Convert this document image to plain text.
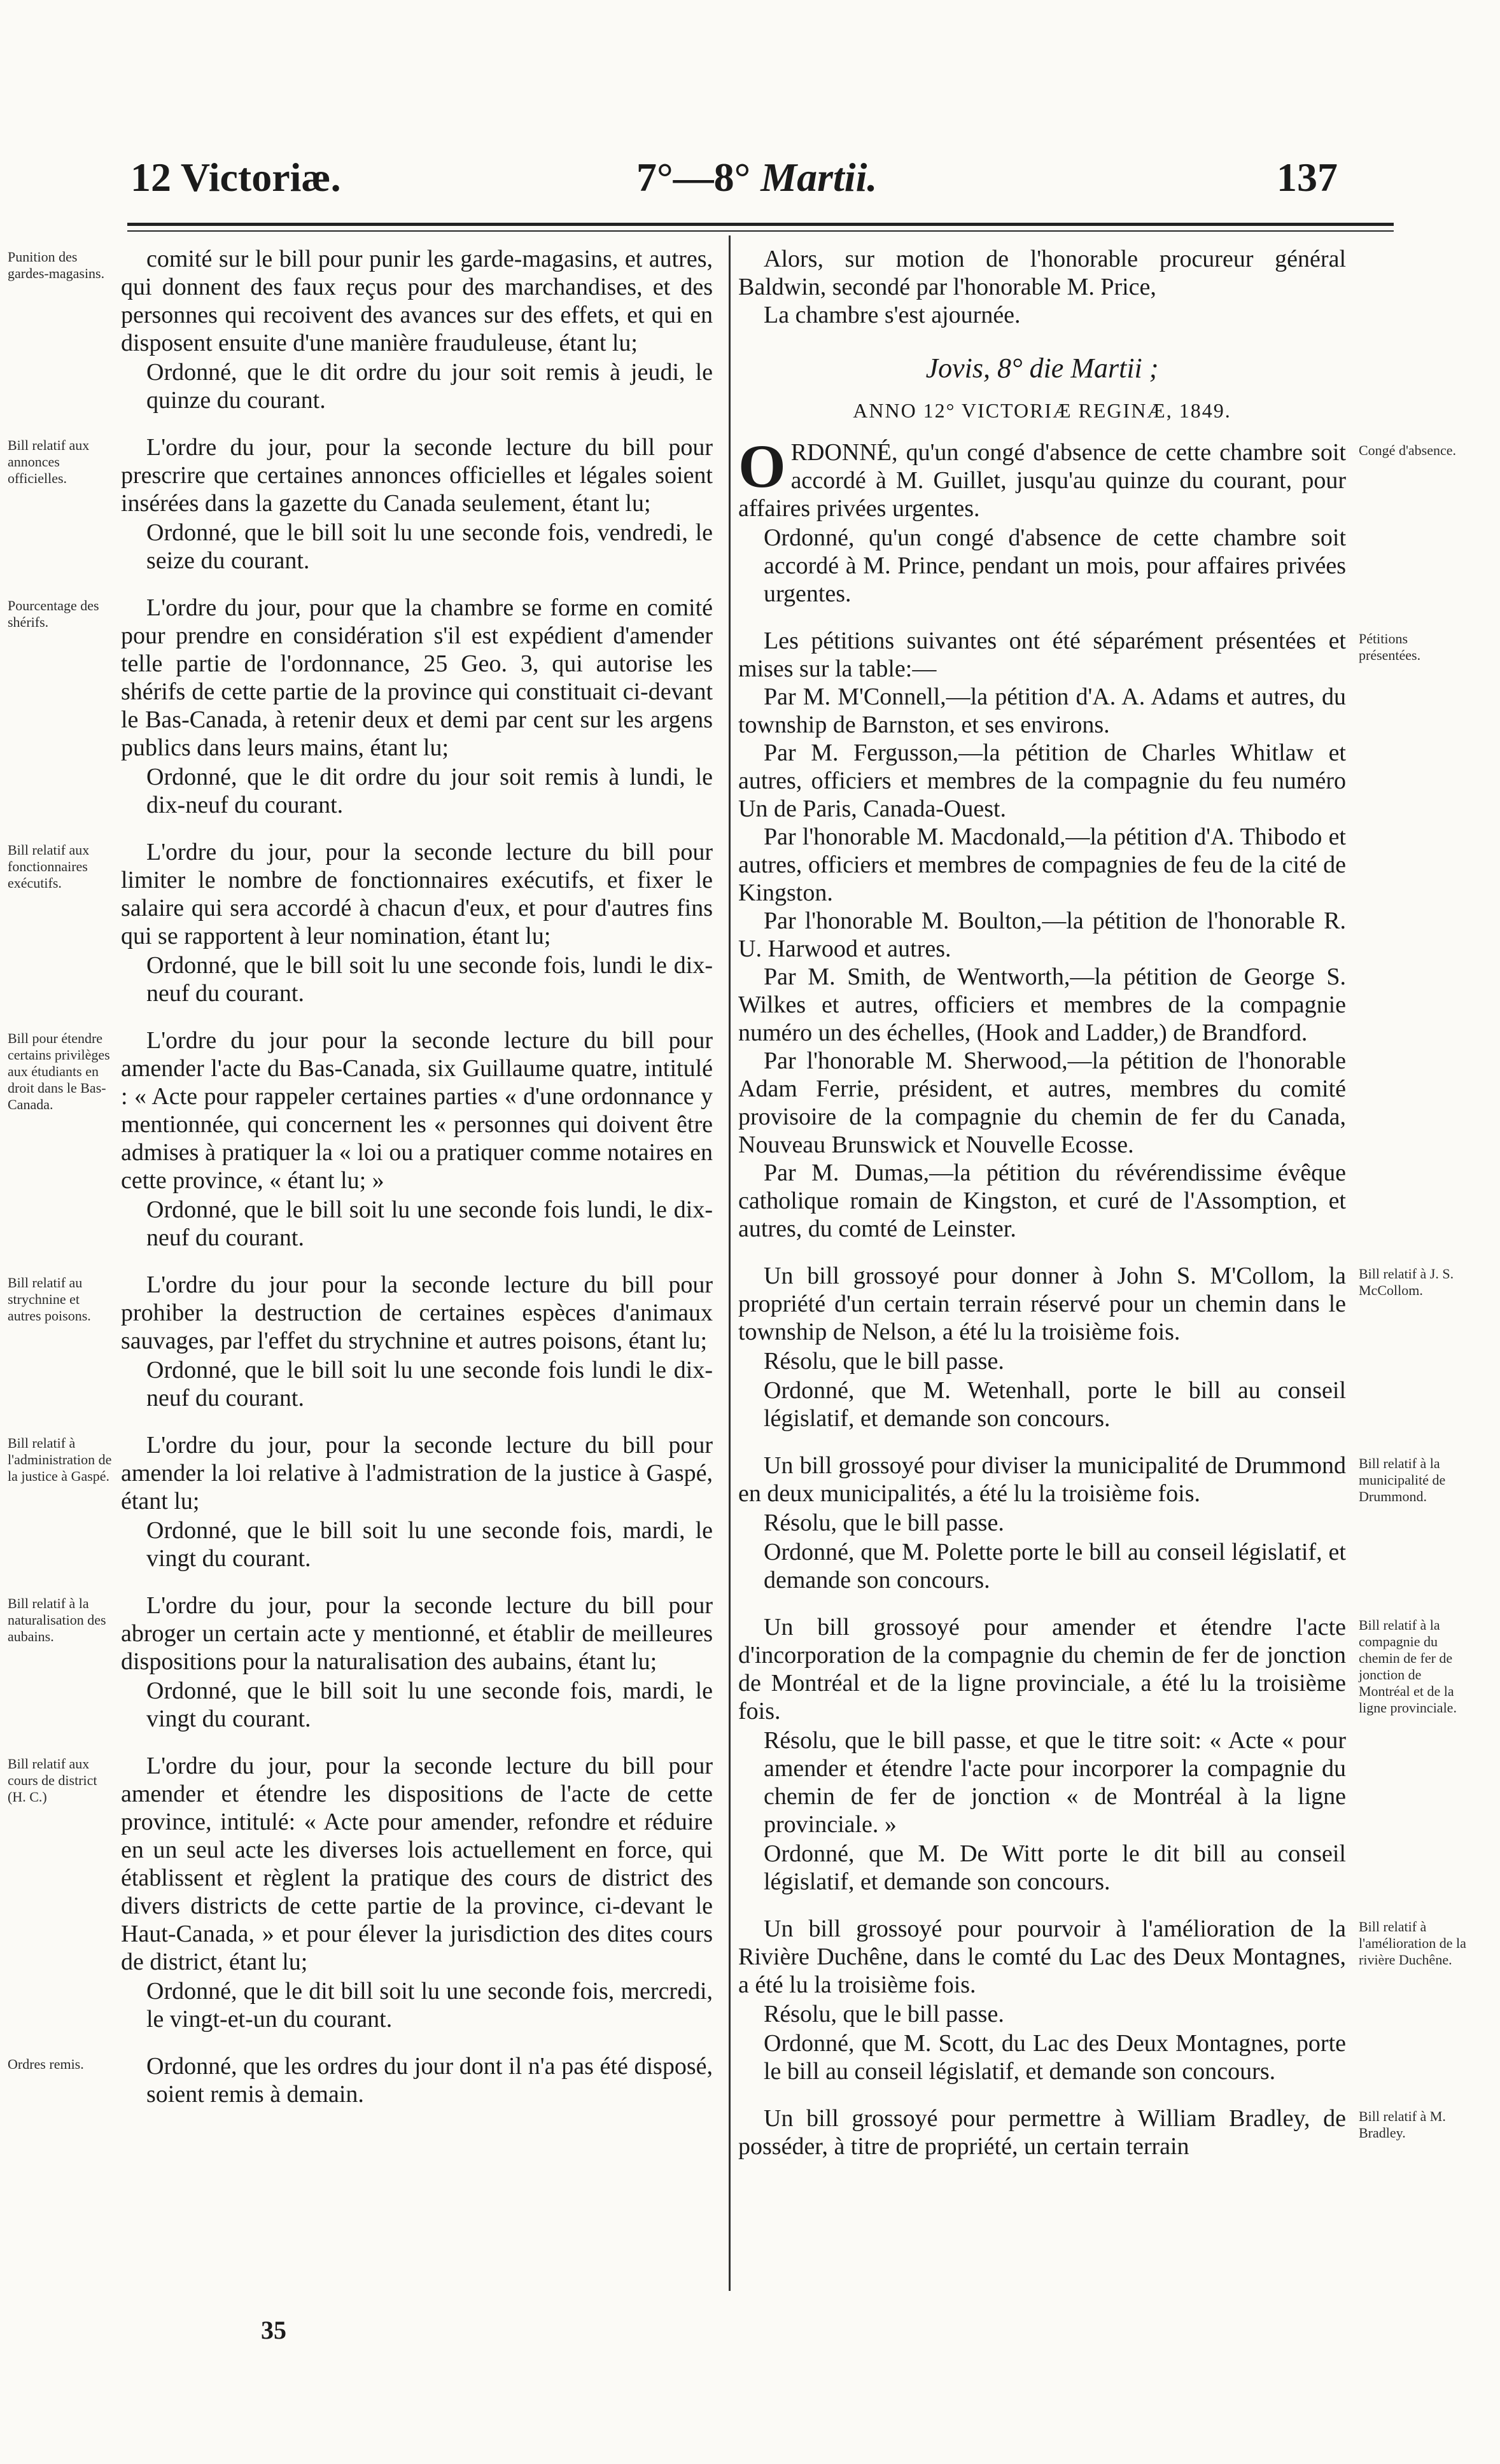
12 Victoriæ.	7°—8° Martii.	137
Punition des gardes-magasins.

comité sur le bill pour punir les garde-magasins, et autres, qui donnent des faux reçus pour des marchandises, et des personnes qui recoivent des avances sur des effets, et qui en disposent ensuite d'une manière frauduleuse, étant lu;

Ordonné, que le dit ordre du jour soit remis à jeudi, le quinze du courant.

Bill relatif aux annonces officielles.

L'ordre du jour, pour la seconde lecture du bill pour prescrire que certaines annonces officielles et légales soient insérées dans la gazette du Canada seulement, étant lu;

Ordonné, que le bill soit lu une seconde fois, vendredi, le seize du courant.

Pourcentage des shérifs.

L'ordre du jour, pour que la chambre se forme en comité pour prendre en considération s'il est expédient d'amender telle partie de l'ordonnance, 25 Geo. 3, qui autorise les shérifs de cette partie de la province qui constituait ci-devant le Bas-Canada, à retenir deux et demi par cent sur les argens publics dans leurs mains, étant lu;

Ordonné, que le dit ordre du jour soit remis à lundi, le dix-neuf du courant.

Bill relatif aux fonctionnaires exécutifs.

L'ordre du jour, pour la seconde lecture du bill pour limiter le nombre de fonctionnaires exécutifs, et fixer le salaire qui sera accordé à chacun d'eux, et pour d'autres fins qui se rapportent à leur nomination, étant lu;

Ordonné, que le bill soit lu une seconde fois, lundi le dix-neuf du courant.

Bill pour étendre certains privilèges aux étudiants en droit dans le Bas-Canada.

L'ordre du jour pour la seconde lecture du bill pour amender l'acte du Bas-Canada, six Guillaume quatre, intitulé : « Acte pour rappeler certaines parties « d'une ordonnance y mentionnée, qui concernent les « personnes qui doivent être admises à pratiquer la « loi ou a pratiquer comme notaires en cette province, « étant lu; »

Ordonné, que le bill soit lu une seconde fois lundi, le dix-neuf du courant.

Bill relatif au strychnine et autres poisons.

L'ordre du jour pour la seconde lecture du bill pour prohiber la destruction de certaines espèces d'animaux sauvages, par l'effet du strychnine et autres poisons, étant lu;

Ordonné, que le bill soit lu une seconde fois lundi le dix-neuf du courant.

Bill relatif à l'administration de la justice à Gaspé.

L'ordre du jour, pour la seconde lecture du bill pour amender la loi relative à l'admistration de la justice à Gaspé, étant lu;

Ordonné, que le bill soit lu une seconde fois, mardi, le vingt du courant.

Bill relatif à la naturalisation des aubains.

L'ordre du jour, pour la seconde lecture du bill pour abroger un certain acte y mentionné, et établir de meilleures dispositions pour la naturalisation des aubains, étant lu;

Ordonné, que le bill soit lu une seconde fois, mardi, le vingt du courant.

Bill relatif aux cours de district (H. C.)

L'ordre du jour, pour la seconde lecture du bill pour amender et étendre les dispositions de l'acte de cette province, intitulé: « Acte pour amender, refondre et réduire en un seul acte les diverses lois actuellement en force, qui établissent et règlent la pratique des cours de district des divers districts de cette partie de la province, ci-devant le Haut-Canada, » et pour élever la jurisdiction des dites cours de district, étant lu;

Ordonné, que le dit bill soit lu une seconde fois, mercredi, le vingt-et-un du courant.

Ordres remis.	Ordonné, que les ordres du jour dont il n'a pas été disposé, soient remis à demain.

Alors, sur motion de l'honorable procureur général Baldwin, secondé par l'honorable M. Price,

La chambre s'est ajournée.

Jovis, 8° die Martii ;
ANNO 12° VICTORIÆ REGINÆ, 1849.
Congé d'absence.

ORDONNÉ, qu'un congé d'absence de cette chambre soit accordé à M. Guillet, jusqu'au quinze du courant, pour affaires privées urgentes.

Ordonné, qu'un congé d'absence de cette chambre soit accordé à M. Prince, pendant un mois, pour affaires privées urgentes.

Pétitions présentées.

Les pétitions suivantes ont été séparément présentées et mises sur la table:—

Par M. M'Connell,—la pétition d'A. A. Adams et autres, du township de Barnston, et ses environs.

Par M. Fergusson,—la pétition de Charles Whitlaw et autres, officiers et membres de la compagnie du feu numéro Un de Paris, Canada-Ouest.

Par l'honorable M. Macdonald,—la pétition d'A. Thibodo et autres, officiers et membres de compagnies de feu de la cité de Kingston.

Par l'honorable M. Boulton,—la pétition de l'honorable R. U. Harwood et autres.

Par M. Smith, de Wentworth,—la pétition de George S. Wilkes et autres, officiers et membres de la compagnie numéro un des échelles, (Hook and Ladder,) de Brandford.

Par l'honorable M. Sherwood,—la pétition de l'honorable Adam Ferrie, président, et autres, membres du comité provisoire de la compagnie du chemin de fer du Canada, Nouveau Brunswick et Nouvelle Ecosse.

Par M. Dumas,—la pétition du révérendissime évêque catholique romain de Kingston, et curé de l'Assomption, et autres, du comté de Leinster.

Bill relatif à J. S. McCollom.

Un bill grossoyé pour donner à John S. M'Collom, la propriété d'un certain terrain réservé pour un chemin dans le township de Nelson, a été lu la troisième fois.

Résolu, que le bill passe.

Ordonné, que M. Wetenhall, porte le bill au conseil législatif, et demande son concours.

Bill relatif à la municipalité de Drummond.

Un bill grossoyé pour diviser la municipalité de Drummond en deux municipalités, a été lu la troisième fois.

Résolu, que le bill passe.

Ordonné, que M. Polette porte le bill au conseil législatif, et demande son concours.

Bill relatif à la compagnie du chemin de fer de jonction de Montréal et de la ligne provinciale.

Un bill grossoyé pour amender et étendre l'acte d'incorporation de la compagnie du chemin de fer de jonction de Montréal et de la ligne provinciale, a été lu la troisième fois.

Résolu, que le bill passe, et que le titre soit: « Acte « pour amender et étendre l'acte pour incorporer la compagnie du chemin de fer de jonction « de Montréal à la ligne provinciale. »

Ordonné, que M. De Witt porte le dit bill au conseil législatif, et demande son concours.

Bill relatif à l'amélioration de la rivière Duchêne.

Un bill grossoyé pour pourvoir à l'amélioration de la Rivière Duchêne, dans le comté du Lac des Deux Montagnes, a été lu la troisième fois.

Résolu, que le bill passe.

Ordonné, que M. Scott, du Lac des Deux Montagnes, porte le bill au conseil législatif, et demande son concours.

Bill relatif à M. Bradley.

Un bill grossoyé pour permettre à William Bradley, de posséder, à titre de propriété, un certain terrain

35
